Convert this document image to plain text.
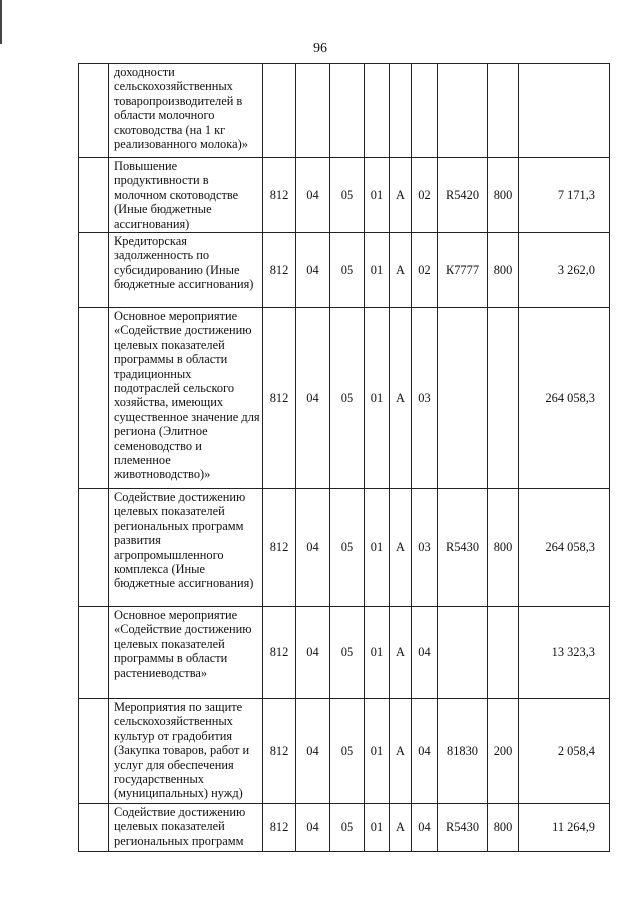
96
	доходности сельскохозяйственных товаропроизводителей в области молочного скотоводства (на 1 кг реализованного молока)»									
	Повышение продуктивности в молочном скотоводстве (Иные бюджетные ассигнования)	812	04	05	01	А	02	R5420	800	7 171,3
	Кредиторская задолженность по субсидированию (Иные бюджетные ассигнования)	812	04	05	01	А	02	К7777	800	3 262,0
	Основное мероприятие «Содействие достижению целевых показателей программы в области традиционных подотраслей сельского хозяйства, имеющих существенное значение для региона (Элитное семеноводство и племенное животноводство)»	812	04	05	01	А	03			264 058,3
	Содействие достижению целевых показателей региональных программ развития агропромышленного комплекса (Иные бюджетные ассигнования)	812	04	05	01	А	03	R5430	800	264 058,3
	Основное мероприятие «Содействие достижению целевых показателей программы в области растениеводства»	812	04	05	01	А	04			13 323,3
	Мероприятия по защите сельскохозяйственных культур от градобития (Закупка товаров, работ и услуг для обеспечения государственных (муниципальных) нужд)	812	04	05	01	А	04	81830	200	2 058,4
	Содействие достижению целевых показателей региональных программ	812	04	05	01	А	04	R5430	800	11 264,9
